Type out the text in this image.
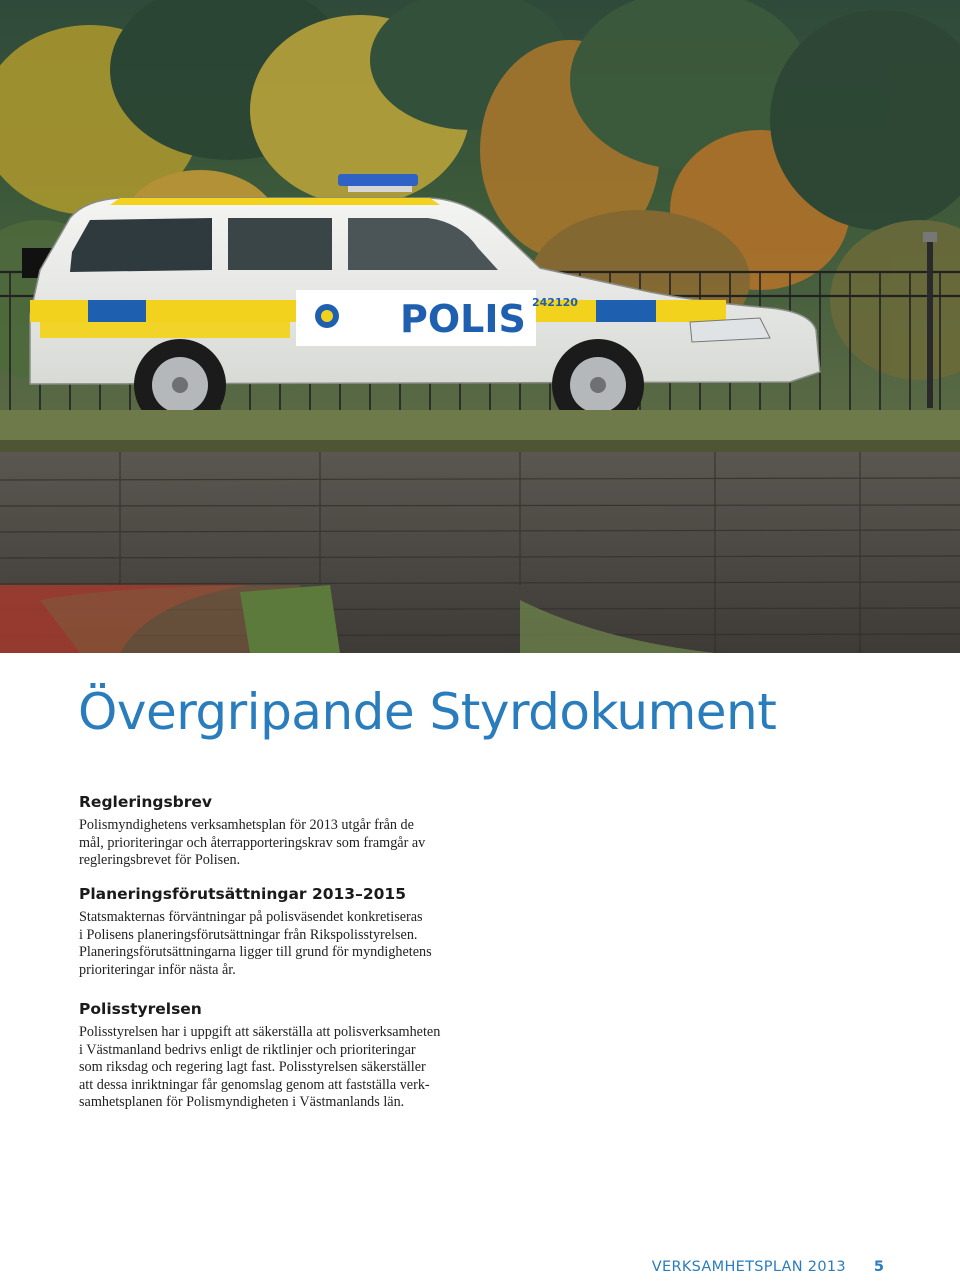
POLIS 242120
Övergripande Styrdokument
Regleringsbrev

Polismyndighetens verksamhetsplan för 2013 utgår från de
mål, prioriteringar och återrapporteringskrav som framgår av
regleringsbrevet för Polisen.

Planeringsförutsättningar 2013–2015

Statsmakternas förväntningar på polisväsendet konkretiseras
i Polisens planeringsförutsättningar från Rikspolisstyrelsen.
Planeringsförutsättningarna ligger till grund för myndighetens
prioriteringar inför nästa år.

Polisstyrelsen

Polisstyrelsen har i uppgift att säkerställa att polisverksamheten
i Västmanland bedrivs enligt de riktlinjer och prioriteringar
som riksdag och regering lagt fast. Polisstyrelsen säkerställer
att dessa inriktningar får genomslag genom att fastställa verk-
samhetsplanen för Polismyndigheten i Västmanlands län.

VERKSAMHETSPLAN 2013 5
